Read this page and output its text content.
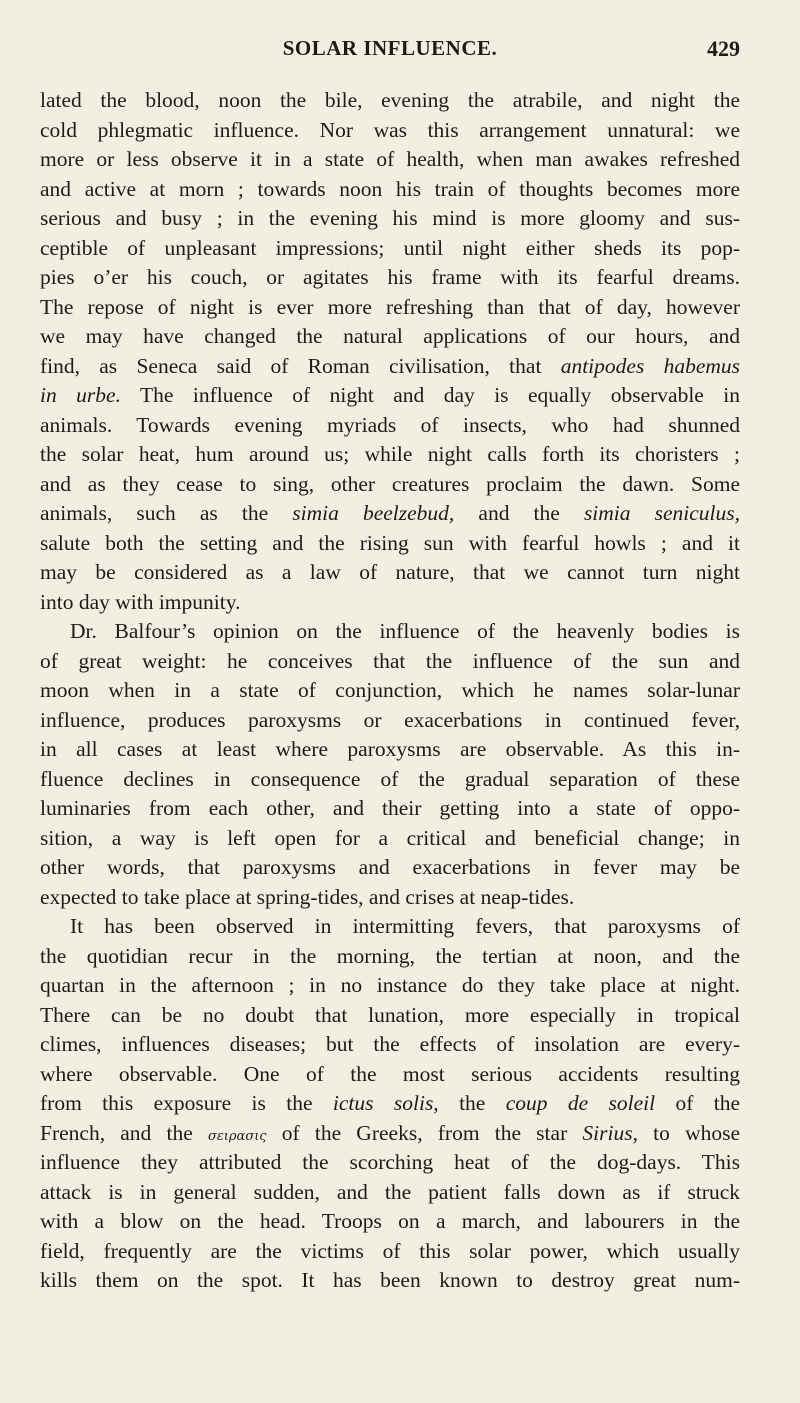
SOLAR INFLUENCE.	429
lated the blood, noon the bile, evening the atrabile, and night the
cold phlegmatic influence. Nor was this arrangement unnatural: we
more or less observe it in a state of health, when man awakes refreshed
and active at morn ; towards noon his train of thoughts becomes more
serious and busy ; in the evening his mind is more gloomy and sus-
ceptible of unpleasant impressions; until night either sheds its pop-
pies o’er his couch, or agitates his frame with its fearful dreams.
The repose of night is ever more refreshing than that of day, however
we may have changed the natural applications of our hours, and
find, as Seneca said of Roman civilisation, that antipodes habemus
in urbe. The influence of night and day is equally observable in
animals. Towards evening myriads of insects, who had shunned
the solar heat, hum around us; while night calls forth its choristers ;
and as they cease to sing, other creatures proclaim the dawn. Some
animals, such as the simia beelzebud, and the simia seniculus,
salute both the setting and the rising sun with fearful howls ; and it
may be considered as a law of nature, that we cannot turn night
into day with impunity.
Dr. Balfour’s opinion on the influence of the heavenly bodies is
of great weight: he conceives that the influence of the sun and
moon when in a state of conjunction, which he names solar-lunar
influence, produces paroxysms or exacerbations in continued fever,
in all cases at least where paroxysms are observable. As this in-
fluence declines in consequence of the gradual separation of these
luminaries from each other, and their getting into a state of oppo-
sition, a way is left open for a critical and beneficial change; in
other words, that paroxysms and exacerbations in fever may be
expected to take place at spring-tides, and crises at neap-tides.
It has been observed in intermitting fevers, that paroxysms of
the quotidian recur in the morning, the tertian at noon, and the
quartan in the afternoon ; in no instance do they take place at night.
There can be no doubt that lunation, more especially in tropical
climes, influences diseases; but the effects of insolation are every-
where observable. One of the most serious accidents resulting
from this exposure is the ictus solis, the coup de soleil of the
French, and the σειρασις of the Greeks, from the star Sirius, to whose
influence they attributed the scorching heat of the dog-days. This
attack is in general sudden, and the patient falls down as if struck
with a blow on the head. Troops on a march, and labourers in the
field, frequently are the victims of this solar power, which usually
kills them on the spot. It has been known to destroy great num-
